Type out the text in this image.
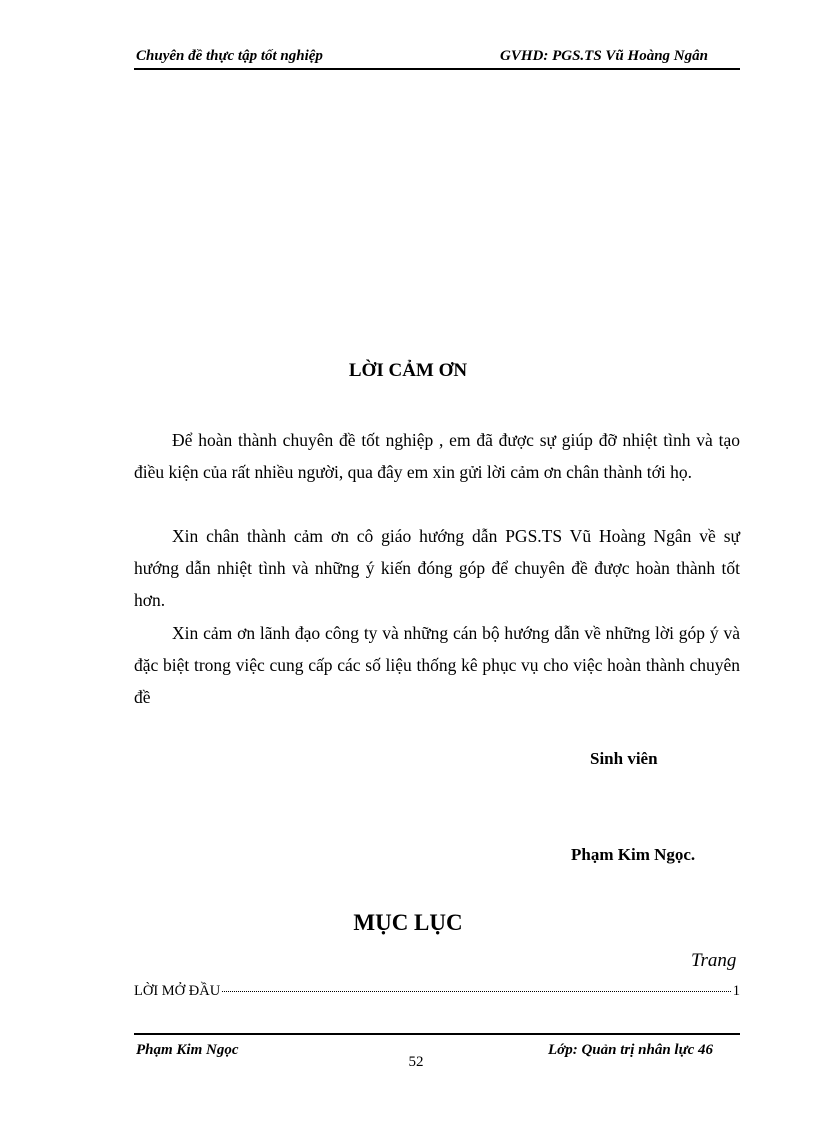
Chuyên đề thực tập tốt nghiệp	GVHD: PGS.TS Vũ Hoàng Ngân
LỜI CẢM ƠN

Để hoàn thành chuyên đề tốt nghiệp , em đã được sự giúp đỡ nhiệt tình và tạo điều kiện của rất nhiều người, qua đây em xin gửi lời cảm ơn chân thành tới họ.

Xin chân thành cảm ơn cô giáo hướng dẫn PGS.TS Vũ Hoàng Ngân về sự hướng dẫn nhiệt tình và những ý kiến đóng góp để chuyên đề được hoàn thành tốt hơn.

Xin cảm ơn lãnh đạo công ty và những cán bộ hướng dẫn về những lời góp ý và đặc biệt trong việc cung cấp các số liệu thống kê phục vụ cho việc hoàn thành chuyên đề

Sinh viên
Phạm Kim Ngọc.
MỤC LỤC
Trang
LỜI MỞ ĐẦU	1
Phạm Kim Ngọc	Lớp: Quản trị nhân lực 46
52
